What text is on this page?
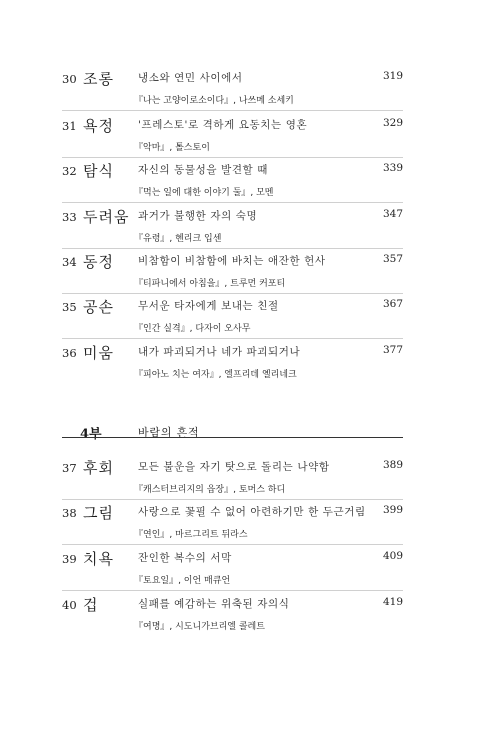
30 조롱 냉소와 연민 사이에서
『나는 고양이로소이다』, 나쓰메 소세키
319
31 욕정 '프레스토'로 격하게 요동치는 영혼
『악마』, 톨스토이
329
32 탐식 자신의 동물성을 발견할 때
『먹는 일에 대한 이야기 둘』, 모멘
339
33 두려움 과거가 불행한 자의 숙명
『유령』, 헨리크 입센
347
34 동정 비참함이 비참함에 바치는 애잔한 헌사
『티파니에서 아침을』, 트루먼 커포티
357
35 공손 무서운 타자에게 보내는 친절
『인간 실격』, 다자이 오사무
367
36 미움 내가 파괴되거나 네가 파괴되거나
『피아노 치는 여자』, 엘프리데 옐리네크
377
4부	바람의 흔적
37 후회 모든 불운을 자기 탓으로 돌리는 나약함
『캐스터브리지의 읍장』, 토머스 하디
389
38 그림 사랑으로 꽃필 수 없어 아련하기만 한 두근거림
『연인』, 마르그리트 뒤라스
399
39 치욕 잔인한 복수의 서막
『토요일』, 이언 매큐언
409
40 겁	실패를 예감하는 위축된 자의식
『여명』, 시도니가브리엘 콜레트
419
